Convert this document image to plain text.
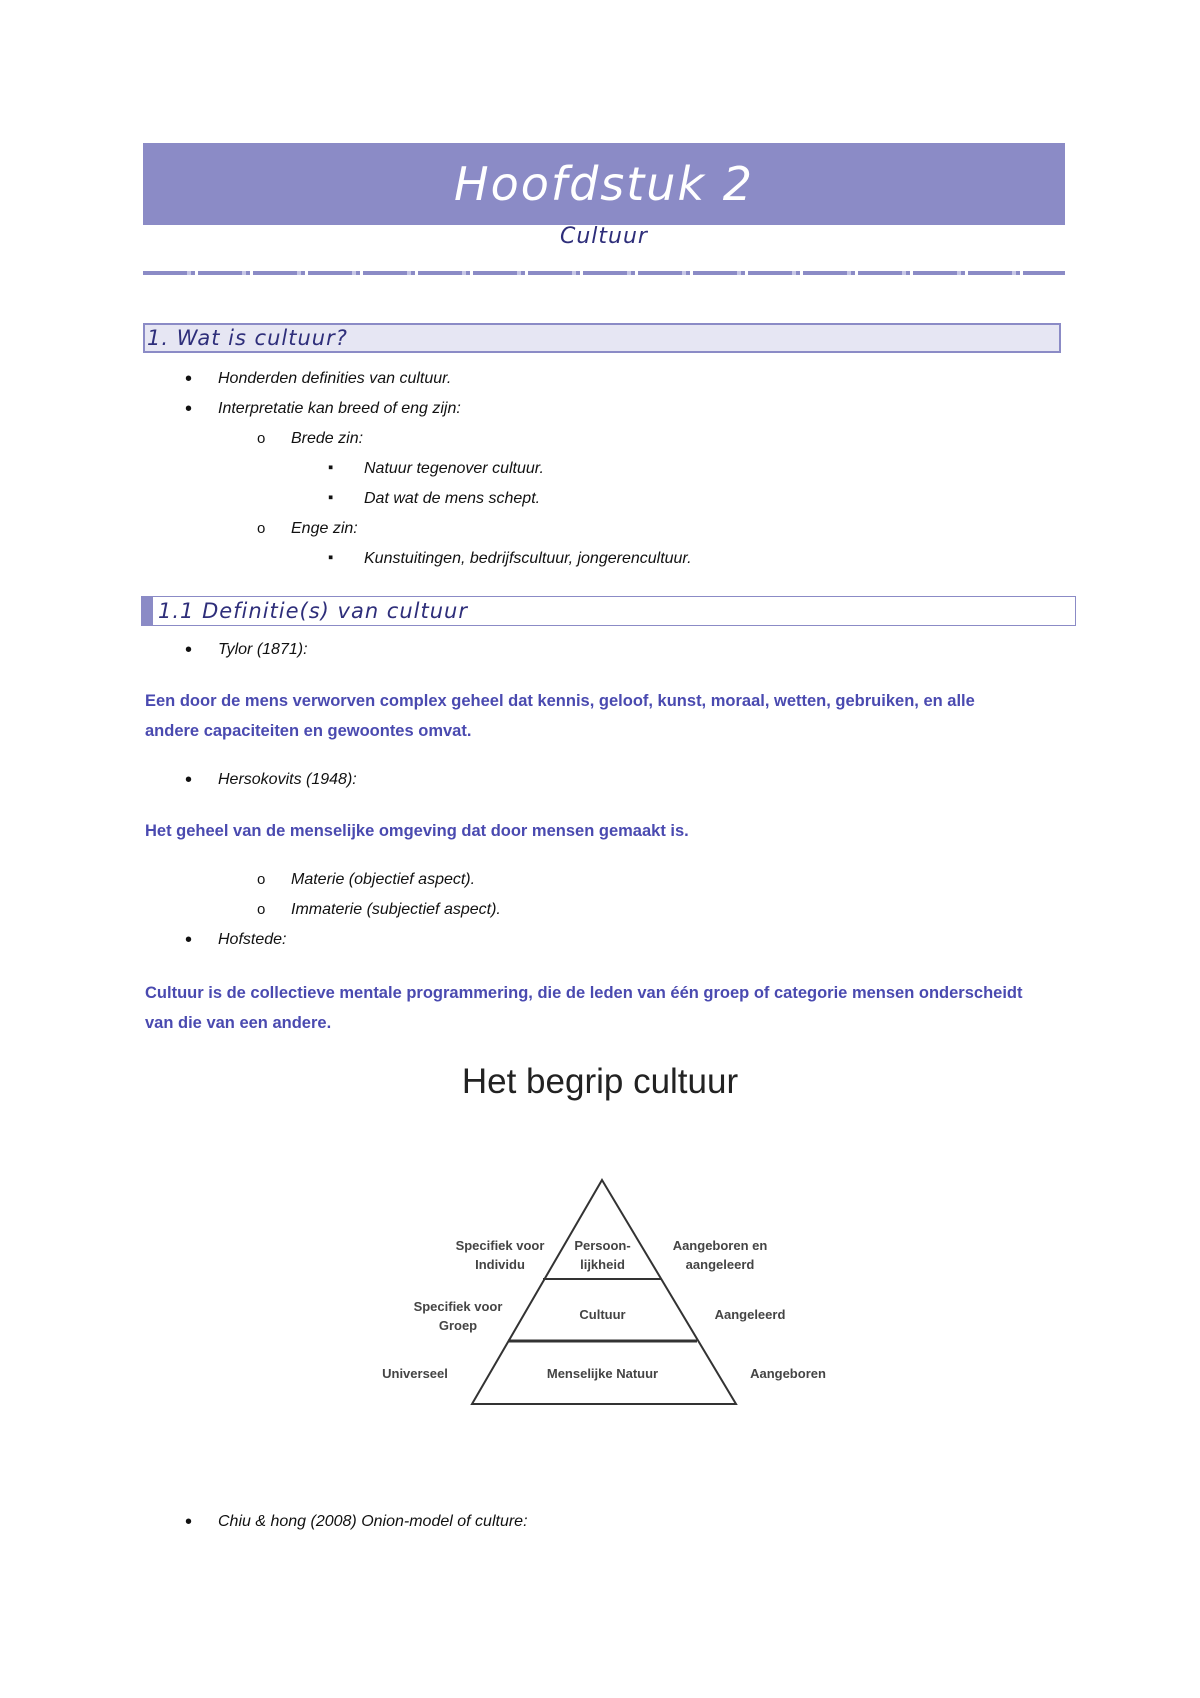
Hoofdstuk 2
Cultuur
1. Wat is cultuur?
• Honderden definities van cultuur.
• Interpretatie kan breed of eng zijn:
o Brede zin:
▪ Natuur tegenover cultuur.
▪ Dat wat de mens schept.
o Enge zin:
▪ Kunstuitingen, bedrijfscultuur, jongerencultuur.
1.1 Definitie(s) van cultuur
• Tylor (1871):
Een door de mens verworven complex geheel dat kennis, geloof, kunst, moraal, wetten, gebruiken, en alle
andere capaciteiten en gewoontes omvat.
• Hersokovits (1948):
Het geheel van de menselijke omgeving dat door mensen gemaakt is.
o Materie (objectief aspect).
o Immaterie (subjectief aspect).
• Hofstede:
Cultuur is de collectieve mentale programmering, die de leden van één groep of categorie mensen onderscheidt
van die van een andere.
Het begrip cultuur
Persoon-
lijkheid
Cultuur
Menselijke Natuur
Specifiek voor
Individu
Specifiek voor
Groep
Universeel
Aangeboren en
aangeleerd
Aangeleerd
Aangeboren
• Chiu & hong (2008) Onion-model of culture:
